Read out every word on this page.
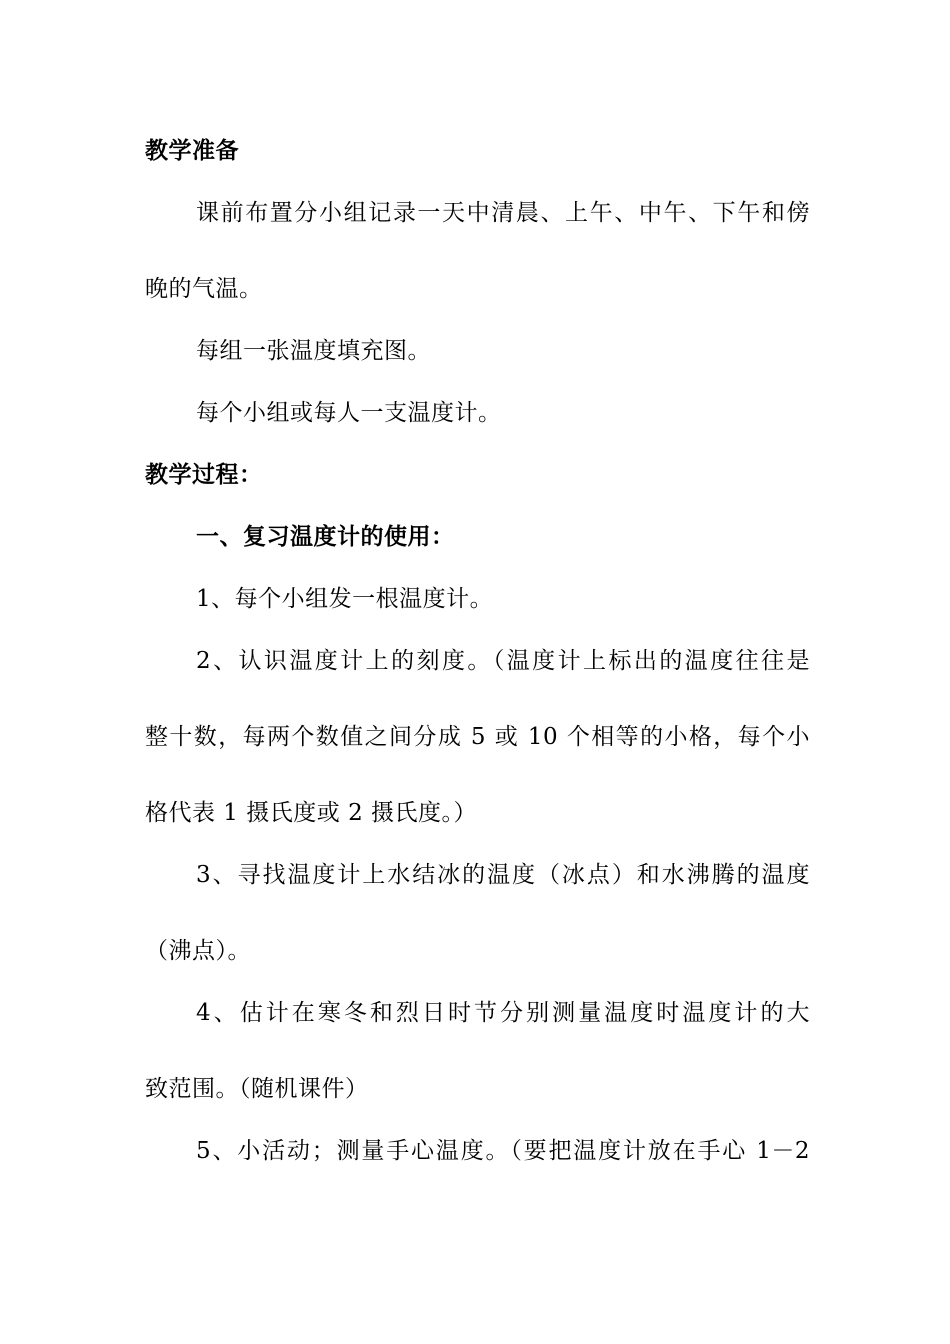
教学准备
课前布置分小组记录一天中清晨、上午、中午、下午和傍
晚的气温。
每组一张温度填充图。
每个小组或每人一支温度计。
教学过程：
一、复习温度计的使用：
1、每个小组发一根温度计。
2、认识温度计上的刻度。（温度计上标出的温度往往是
整十数，每两个数值之间分成 5 或 10 个相等的小格，每个小
格代表 1 摄氏度或 2 摄氏度。）
3、寻找温度计上水结冰的温度（冰点）和水沸腾的温度
（沸点）。
4、估计在寒冬和烈日时节分别测量温度时温度计的大
致范围。（随机课件）
5、小活动；测量手心温度。（要把温度计放在手心 1－2
